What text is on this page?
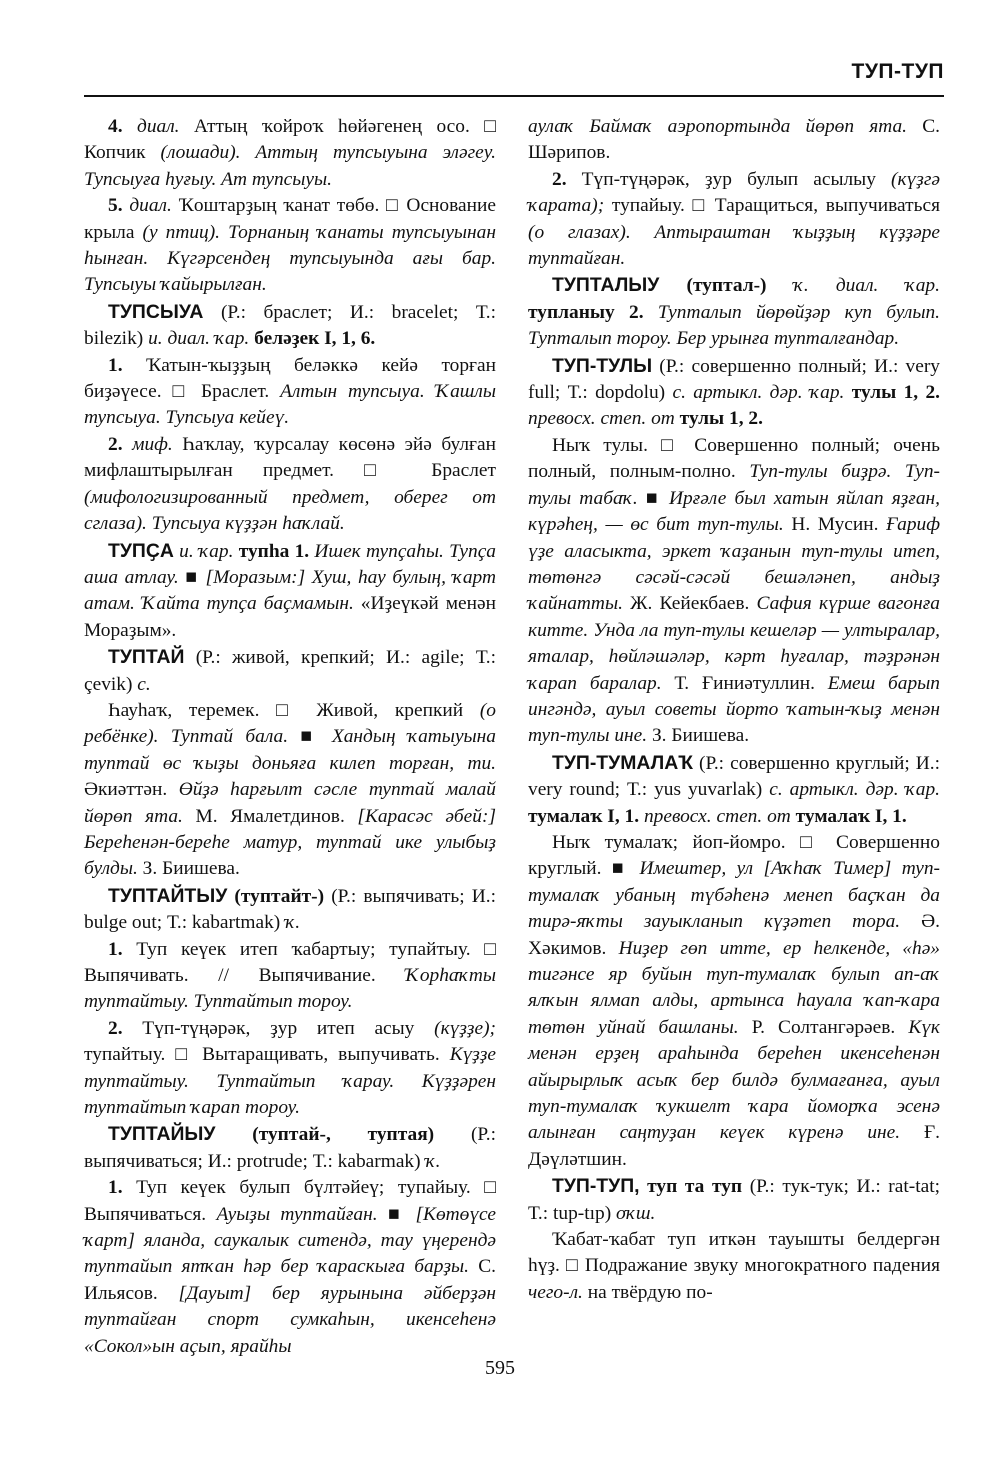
ТУП-ТУП

4. диал. Аттың ҡойроҡ һөйәгенең осо. □ Копчик (лошади). Аттың тупсыуына эләгеу. Тупсыуға һуғыу. Ат тупсыуы.

5. диал. Ҡоштарҙың ҡанат төбө. □ Основание крыла (у птиц). Торнаның ҡанаты тупсыуынан һынған. Күгәрсендең тупсыуында ағы бар. Тупсыуы ҡайырылған.

ТУПСЫУА (Р.: браслет; И.: bracelet; Т.: bilezik) и. диал. ҡар. беләҙек I, 1, 6.

1. Ҡатын-ҡыҙҙың беләккә кейә торған биҙәүесе. □ Браслет. Алтын тупсыуа. Ҡашлы тупсыуа. Тупсыуа кейеү.

2. миф. Һаҡлау, ҡурсалау көсөнә эйә булған мифлаштырылған предмет. □ Браслет (мифологизированный предмет, оберег от сглаза). Тупсыуа күҙҙән һаҡлай.

ТУПҪА и. ҡар. тупһа 1. Ишек тупҫаһы. Тупҫа аша атлау. ■ [Моразым:] Хуш, һау булың, ҡарт атам. Ҡайта тупҫа баҫмамын. «Иҙеүкәй менән Мораҙым».

ТУПТАЙ (Р.: живой, крепкий; И.: agile; Т.: çevik) с.

Һауһаҡ, теремек. □ Живой, крепкий (о ребёнке). Туптай бала. ■ Хандың ҡатыуына туптай өс ҡыҙы доньяға килеп торған, ти. Әкиәттән. Өйҙә һарғылт сәсле туптай малай йөрөп ята. М. Ямалетдинов. [Карасәс әбей:] Береһенән-береһе матур, туптай ике улыбыҙ булды. З. Биишева.

ТУПТАЙТЫУ (туптайт-) (Р.: выпячивать; И.: bulge out; Т.: kabartmak) ҡ.

1. Туп кеүек итеп ҡабартыу; тупайтыу. □ Выпячивать. // Выпячивание. Ҡорһаҡты туптайтыу. Туптайтып тороу.

2. Түп-түңәрәк, ҙур итеп асыу (күҙҙе); тупайтыу. □ Вытаращивать, выпучивать. Күҙҙе туптайтыу. Туптайтып ҡарау. Күҙҙәрен туптайтып ҡарап тороу.

ТУПТАЙЫУ (туптай-, туптая) (Р.: выпячиваться; И.: protrude; Т.: kabarmak) ҡ.

1. Туп кеүек булып бүлтәйеү; тупайыу. □ Выпячиваться. Ауыҙы туптайған. ■ [Көтөүсе ҡарт] яланда, саукалык ситендә, тау үңерендә туптайып ятҡан һәр бер ҡараскыға барҙы. С. Ильясов. [Дауыт] бер яурынына әйберҙән туптайған спорт сумкаһын, икенсеһенә «Сокол»ын аҫып, ярайһы

аулаҡ Баймаҡ аэропортында йөрөп ята. С. Шәрипов.

2. Түп-түңәрәк, ҙур булып асылыу (күҙгә ҡарата); тупайыу. □ Таращиться, выпучиваться (о глазах). Аптыраштан ҡыҙҙың күҙҙәре туптайған.

ТУПТАЛЫУ (туптал-) ҡ. диал. ҡар. тупланыу 2. Тупталып йөрөйҙәр куп булып. Тупталып тороу. Бер урынға тупталғандар.

ТУП-ТУЛЫ (Р.: совершенно полный; И.: very full; Т.: dopdolu) с. артыкл. дәр. ҡар. тулы 1, 2. превосх. степ. от тулы 1, 2.

Ныҡ тулы. □ Совершенно полный; очень полный, полным-полно. Туп-тулы биҙрә. Туп-тулы табаҡ. ■ Ирғәле был хатын яйлап яҙған, күрәһең, — өс бит туп-тулы. Н. Мусин. Ғариф үҙе аласыкта, эркет ҡаҙанын туп-тулы итеп, төтөнгә сәсәй-сәсәй бешәләнеп, андыҙ ҡайнатты. Ж. Кейекбаев. Сафия күрше вагонға китте. Унда ла туп-тулы кешеләр — ултыралар, яталар, һөйләшәләр, кәрт һуғалар, тәҙрәнән ҡарап баралар. Т. Ғиниәтуллин. Емеш барып ингәндә, ауыл советы йорто ҡатын-ҡыҙ менән туп-тулы ине. З. Биишева.

ТУП-ТУМАЛАҠ (Р.: совершенно круглый; И.: very round; Т.: yus yuvarlak) с. артыкл. дәр. ҡар. тумалаҡ I, 1. превосх. степ. от тумалаҡ I, 1.

Ныҡ тумалаҡ; йоп-йомро. □ Совершенно круглый. ■ Имештер, ул [Аҡһаҡ Тимер] туп-тумалаҡ убаның түбәһенә менеп баҫҡан да тирә-яҡты зауыкланып күҙәтеп тора. Ә. Хәкимов. Ниҙер гөп итте, ер һелкенде, «һә» тигәнсе яр буйын туп-тумалаҡ булып ап-аҡ ялҡын ялмап алды, артынса һауала ҡап-ҡара төтөн уйнай башланы. Р. Солтангәрәев. Күк менән ерҙең араһында береһен икенсеһенән айырырлыҡ асыҡ бер билдә булмағанға, ауыл туп-тумалаҡ ҡукшелт ҡара йоморҡа эсенә алынған саңтуҙан кеүек күренә ине. Ғ. Дәүләтшин.

ТУП-ТУП, туп та туп (Р.: тук-тук; И.: rat-tat; Т.: tup-tıp) оҡш.

Ҡабат-ҡабат туп иткән тауышты белдергән һүҙ. □ Подражание звуку многократного падения чего-л. на твёрдую по-

595
